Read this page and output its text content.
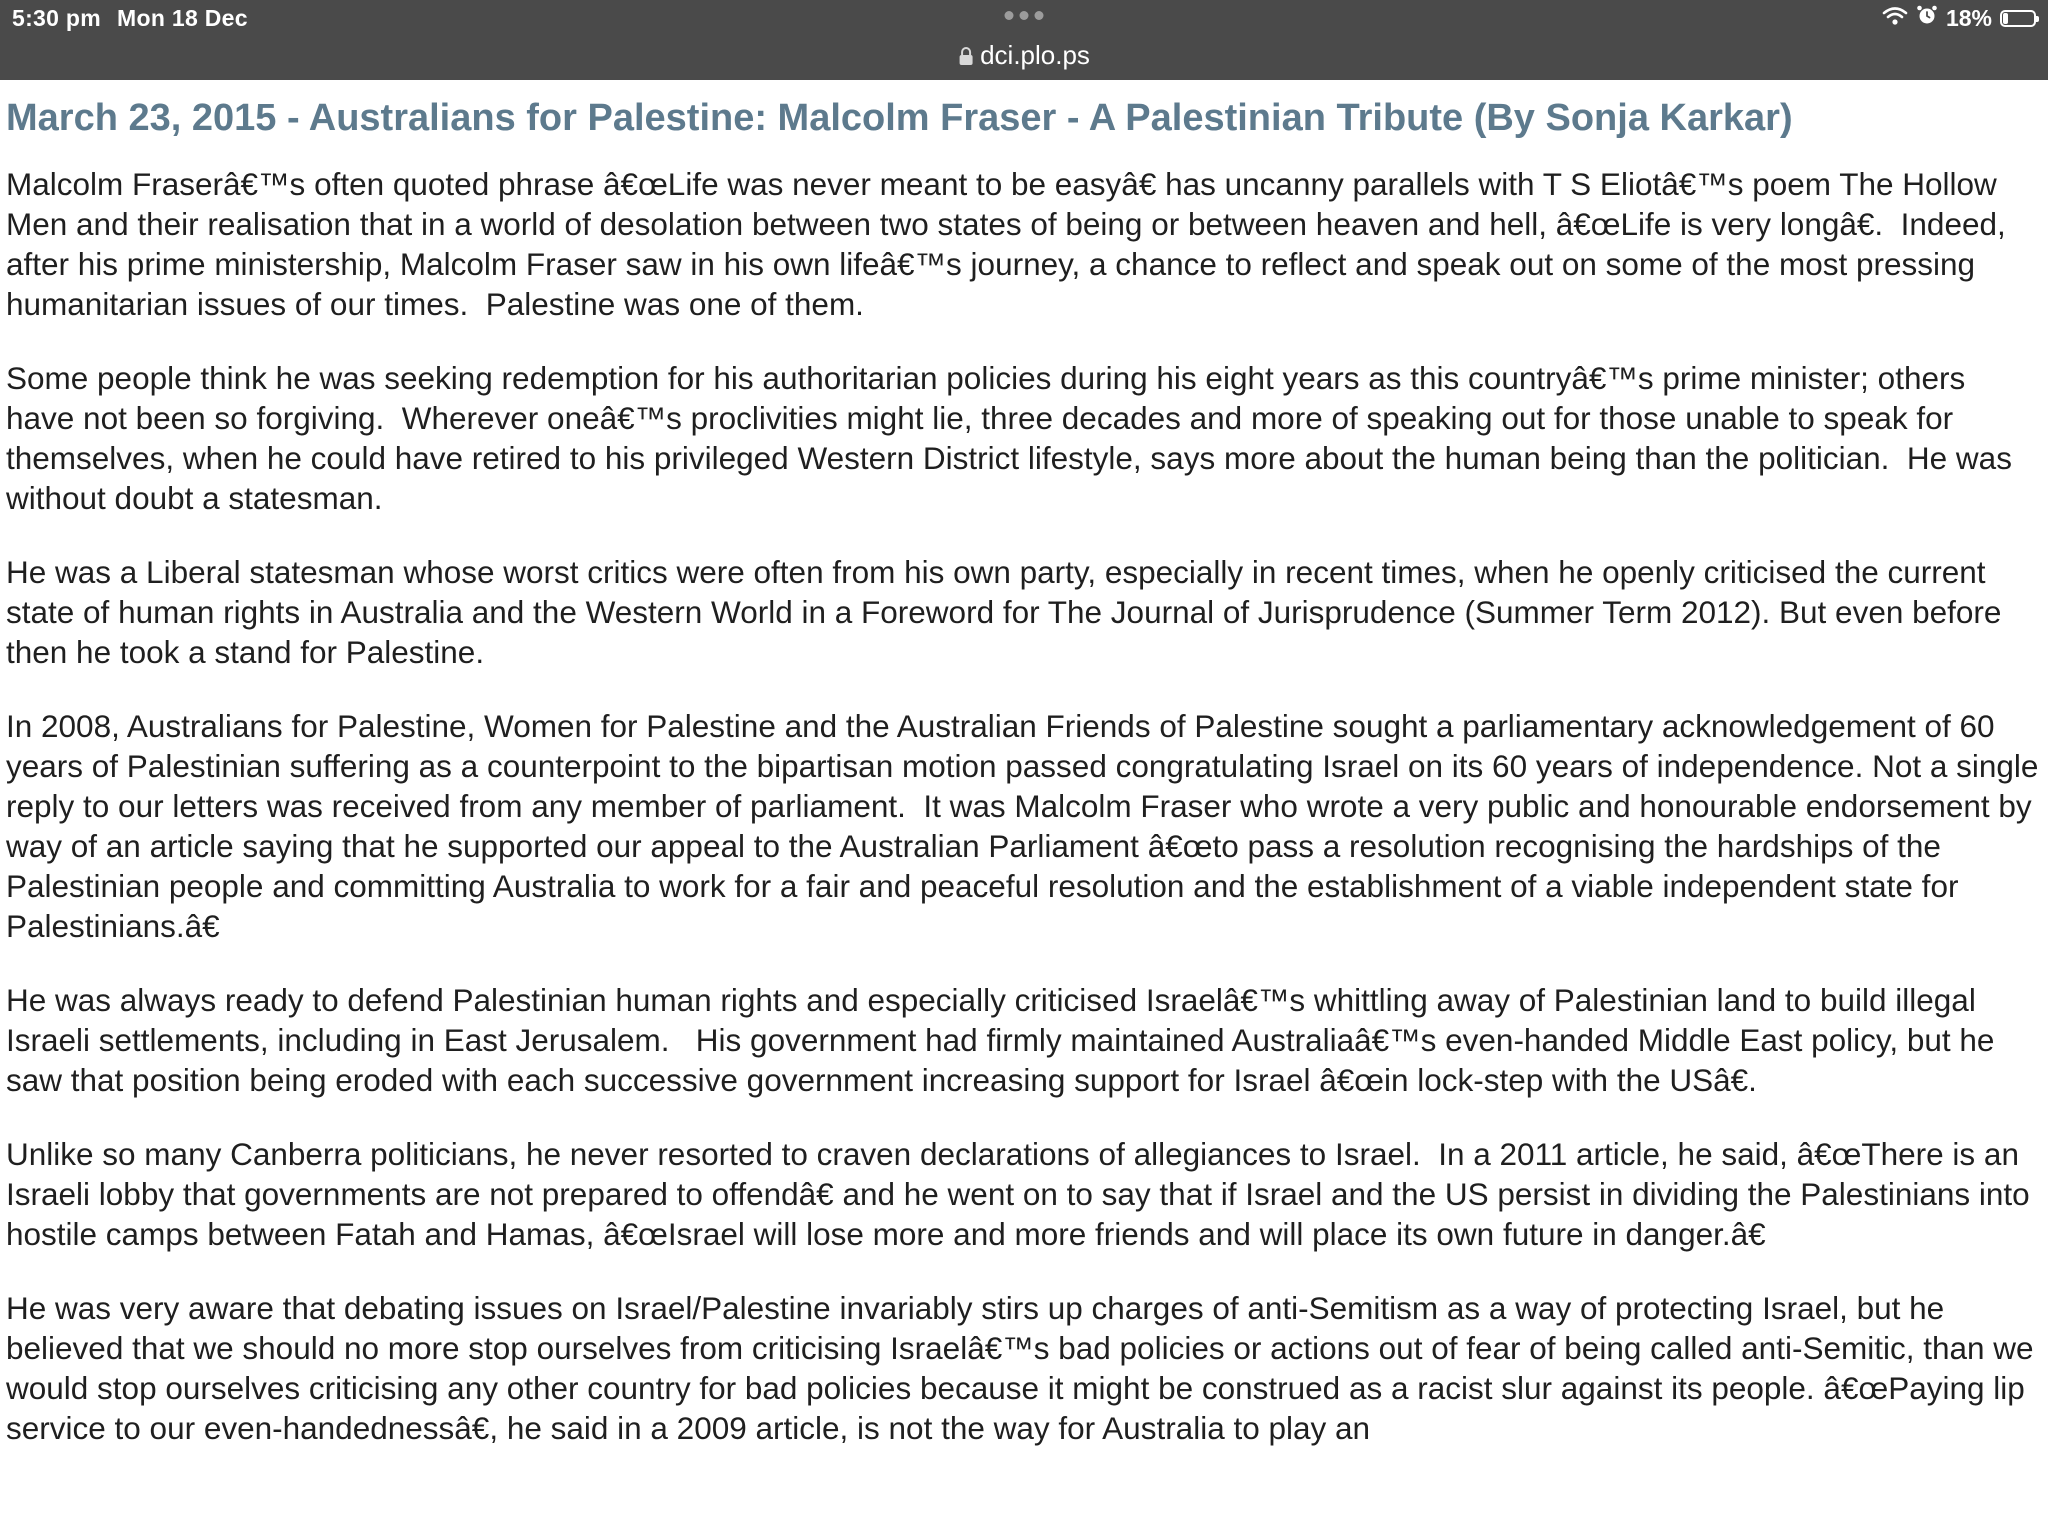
5:30 pm Mon 18 Dec
dci.plo.ps
18%
March 23, 2015 - Australians for Palestine: Malcolm Fraser - A Palestinian Tribute (By Sonja Karkar)

Malcolm Fraserâ€™s often quoted phrase â€œLife was never meant to be easyâ€ has uncanny parallels with T S Eliotâ€™s poem The Hollow Men and their realisation that in a world of desolation between two states of being or between heaven and hell, â€œLife is very longâ€.  Indeed, after his prime ministership, Malcolm Fraser saw in his own lifeâ€™s journey, a chance to reflect and speak out on some of the most pressing humanitarian issues of our times.  Palestine was one of them.

Some people think he was seeking redemption for his authoritarian policies during his eight years as this countryâ€™s prime minister; others have not been so forgiving.  Wherever oneâ€™s proclivities might lie, three decades and more of speaking out for those unable to speak for themselves, when he could have retired to his privileged Western District lifestyle, says more about the human being than the politician.  He was without doubt a statesman.

He was a Liberal statesman whose worst critics were often from his own party, especially in recent times, when he openly criticised the current state of human rights in Australia and the Western World in a Foreword for The Journal of Jurisprudence (Summer Term 2012). But even before then he took a stand for Palestine.

In 2008, Australians for Palestine, Women for Palestine and the Australian Friends of Palestine sought a parliamentary acknowledgement of 60 years of Palestinian suffering as a counterpoint to the bipartisan motion passed congratulating Israel on its 60 years of independence. Not a single reply to our letters was received from any member of parliament.  It was Malcolm Fraser who wrote a very public and honourable endorsement by way of an article saying that he supported our appeal to the Australian Parliament â€œto pass a resolution recognising the hardships of the Palestinian people and committing Australia to work for a fair and peaceful resolution and the establishment of a viable independent state for Palestinians.â€

He was always ready to defend Palestinian human rights and especially criticised Israelâ€™s whittling away of Palestinian land to build illegal Israeli settlements, including in East Jerusalem.   His government had firmly maintained Australiaâ€™s even-handed Middle East policy, but he saw that position being eroded with each successive government increasing support for Israel â€œin lock-step with the USâ€.

Unlike so many Canberra politicians, he never resorted to craven declarations of allegiances to Israel.  In a 2011 article, he said, â€œThere is an Israeli lobby that governments are not prepared to offendâ€ and he went on to say that if Israel and the US persist in dividing the Palestinians into hostile camps between Fatah and Hamas, â€œIsrael will lose more and more friends and will place its own future in danger.â€

He was very aware that debating issues on Israel/Palestine invariably stirs up charges of anti-Semitism as a way of protecting Israel, but he believed that we should no more stop ourselves from criticising Israelâ€™s bad policies or actions out of fear of being called anti-Semitic, than we would stop ourselves criticising any other country for bad policies because it might be construed as a racist slur against its people. â€œPaying lip service to our even-handednessâ€, he said in a 2009 article, is not the way for Australia to play an
